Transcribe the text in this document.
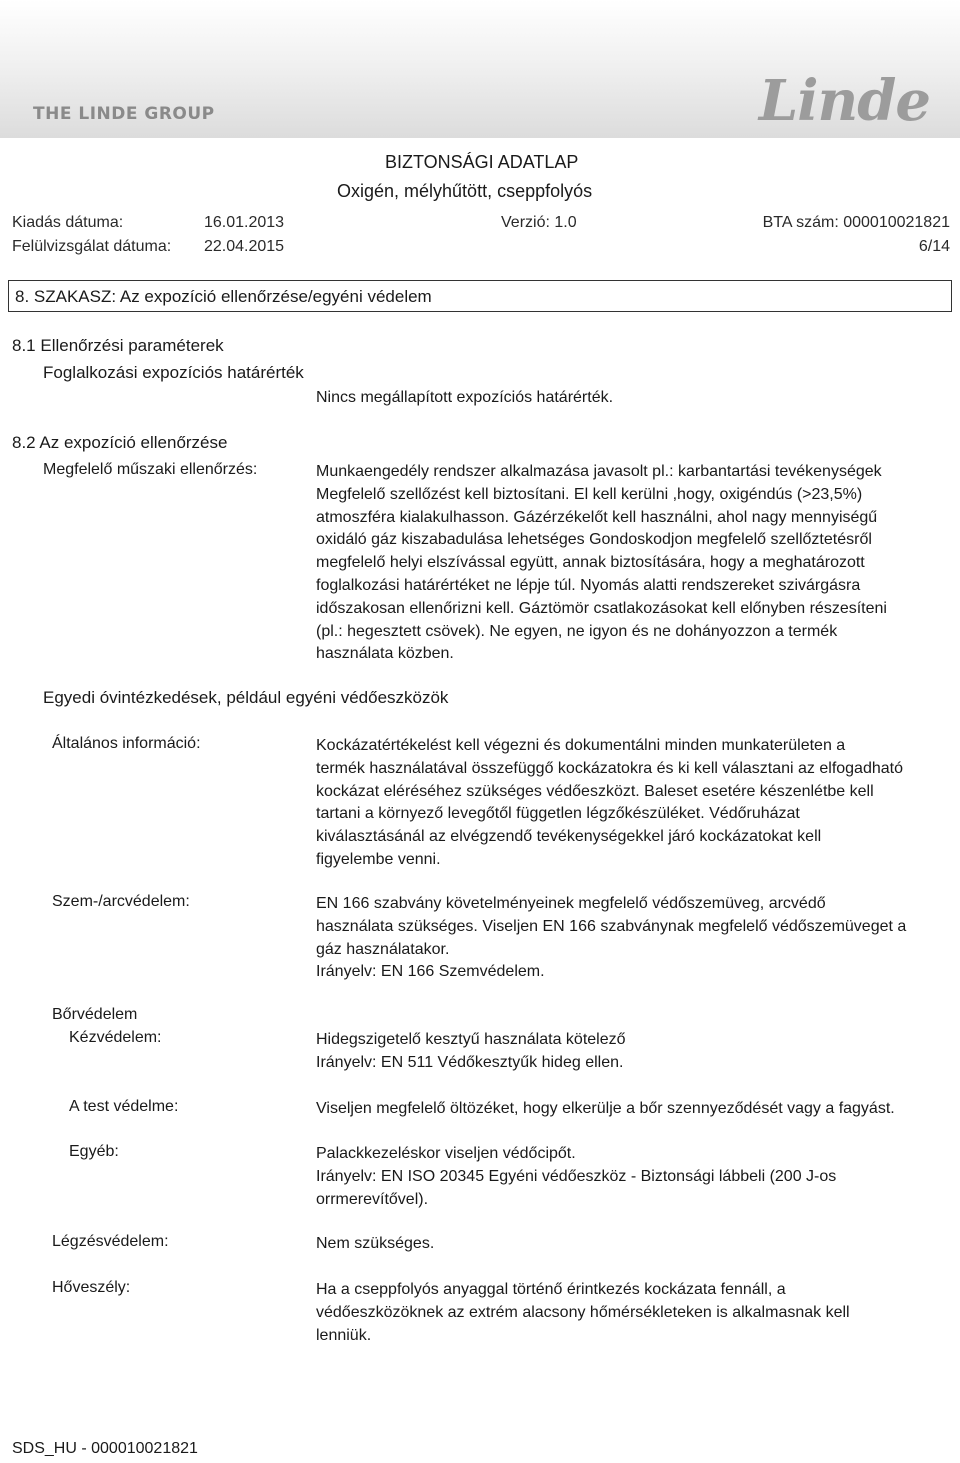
THE LINDE GROUP	Linde
BIZTONSÁGI ADATLAP
Oxigén, mélyhűtött, cseppfolyós
Kiadás dátuma:	16.01.2013	Verzió: 1.0	BTA szám: 000010021821
Felülvizsgálat dátuma: 22.04.2015	6/14
8. SZAKASZ: Az expozíció ellenőrzése/egyéni védelem
8.1 Ellenőrzési paraméterek
Foglalkozási expozíciós határérték
Nincs megállapított expozíciós határérték.
8.2 Az expozíció ellenőrzése
Megfelelő műszaki ellenőrzés:	Munkaengedély rendszer alkalmazása javasolt pl.: karbantartási tevékenységek
Megfelelő szellőzést kell biztosítani. El kell kerülni ,hogy, oxigéndús (>23,5%)
atmoszféra kialakulhasson. Gázérzékelőt kell használni, ahol nagy mennyiségű
oxidáló gáz kiszabadulása lehetséges Gondoskodjon megfelelő szellőztetésről
megfelelő helyi elszívással együtt, annak biztosítására, hogy a meghatározott
foglalkozási határértéket ne lépje túl. Nyomás alatti rendszereket szivárgásra
időszakosan ellenőrizni kell. Gáztömör csatlakozásokat kell előnyben részesíteni
(pl.: hegesztett csövek). Ne egyen, ne igyon és ne dohányozzon a termék
használata közben.
Egyedi óvintézkedések, például egyéni védőeszközök
Általános információ:	Kockázatértékelést kell végezni és dokumentálni minden munkaterületen a
termék használatával összefüggő kockázatokra és ki kell választani az elfogadható
kockázat eléréséhez szükséges védőeszközt. Baleset esetére készenlétbe kell
tartani a környező levegőtől független légzőkészüléket. Védőruházat
kiválasztásánál az elvégzendő tevékenységekkel járó kockázatokat kell
figyelembe venni.
Szem-/arcvédelem:	EN 166 szabvány követelményeinek megfelelő védőszemüveg, arcvédő
használata szükséges. Viseljen EN 166 szabványnak megfelelő védőszemüveget a
gáz használatakor.
Irányelv: EN 166 Szemvédelem.
Bőrvédelem
Kézvédelem:	Hidegszigetelő kesztyű használata kötelező
Irányelv: EN 511 Védőkesztyűk hideg ellen.
A test védelme:	Viseljen megfelelő öltözéket, hogy elkerülje a bőr szennyeződését vagy a fagyást.
Egyéb:	Palackkezeléskor viseljen védőcipőt.
Irányelv: EN ISO 20345 Egyéni védőeszköz - Biztonsági lábbeli (200 J-os
orrmerevítővel).
Légzésvédelem:	Nem szükséges.
Hőveszély:	Ha a cseppfolyós anyaggal történő érintkezés kockázata fennáll, a
védőeszközöknek az extrém alacsony hőmérsékleteken is alkalmasnak kell
lenniük.
SDS_HU - 000010021821
